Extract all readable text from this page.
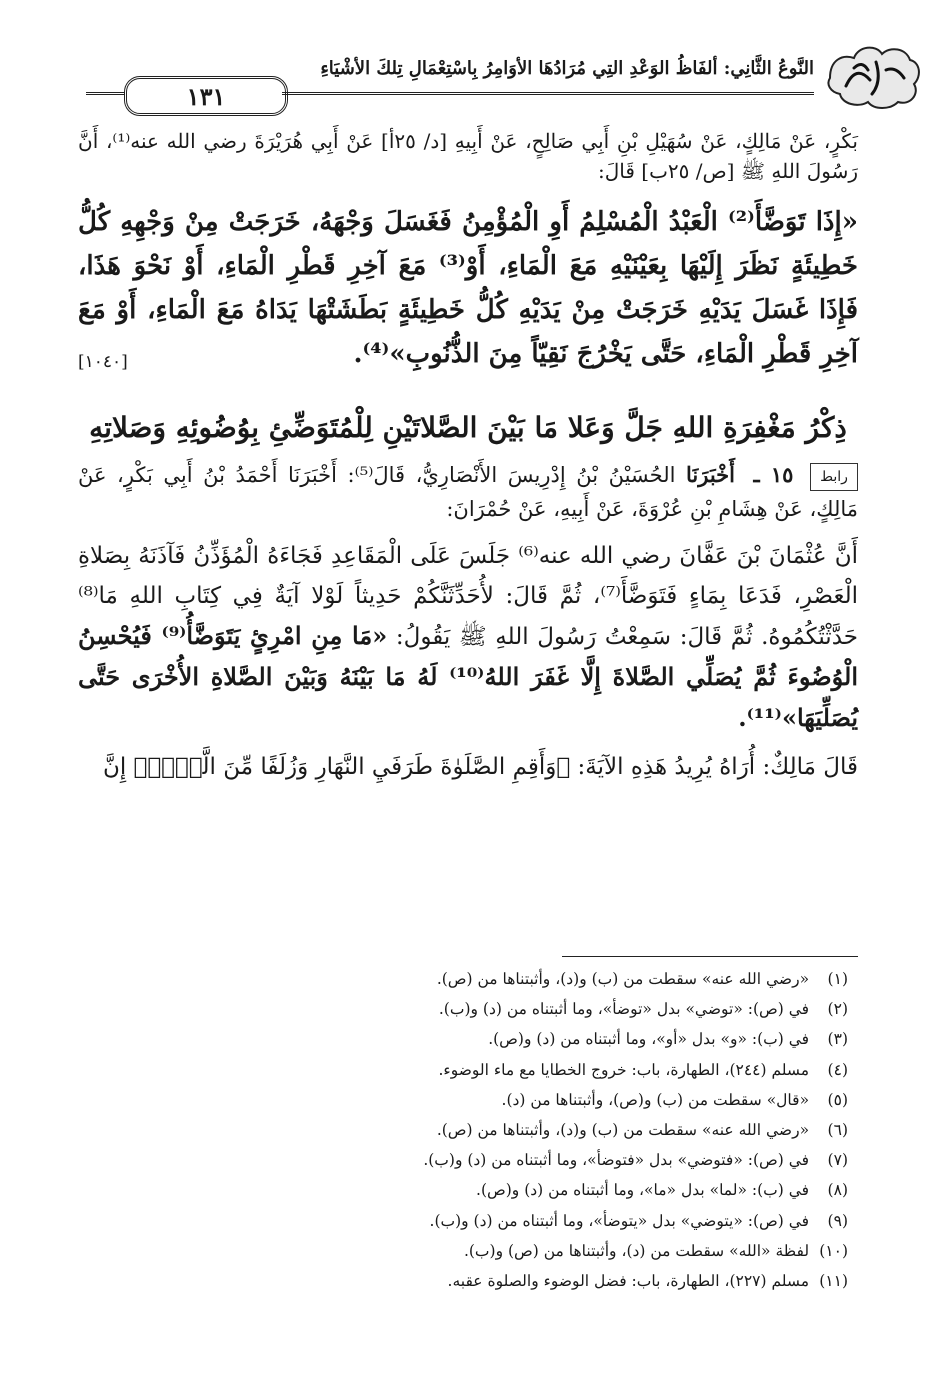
١٣١
النَّوعُ الثَّانِي: ألفَاظُ الوَعْدِ التِي مُرَادُهَا الأوَامِرُ بِاسْتِعْمَالِ تِلكَ الأشْيَاءِ

بَكْرٍ، عَنْ مَالِكٍ، عَنْ سُهَيْلِ بْنِ أَبِي صَالِحٍ، عَنْ أَبِيهِ [د/ ٢٥أ] عَنْ أَبِي هُرَيْرَةَ رضي الله عنه⁽¹⁾، أَنَّ رَسُولَ اللهِ ﷺ [ص/ ٢٥ب] قَالَ:

«إِذَا تَوَضَّأَ⁽²⁾ الْعَبْدُ الْمُسْلِمُ أَوِ الْمُؤْمِنُ فَغَسَلَ وَجْهَهُ، خَرَجَتْ مِنْ وَجْهِهِ كُلُّ خَطِيئَةٍ نَظَرَ إِلَيْهَا بِعَيْنَيْهِ مَعَ الْمَاءِ، أَوْ⁽³⁾ مَعَ آخِرِ قَطْرِ الْمَاءِ، أَوْ نَحْوَ هَذَا، فَإِذَا غَسَلَ يَدَيْهِ خَرَجَتْ مِنْ يَدَيْهِ كُلُّ خَطِيئَةٍ بَطَشَتْهَا يَدَاهُ مَعَ الْمَاءِ، أَوْ مَعَ آخِرِ قَطْرِ الْمَاءِ، حَتَّى يَخْرُجَ نَقِيّاً مِنَ الذُّنُوبِ»⁽⁴⁾.
[١٠٤٠]

ذِكْرُ مَغْفِرَةِ اللهِ جَلَّ وَعَلا مَا بَيْنَ الصَّلاتَيْنِ لِلْمُتَوَضِّئِ بِوُضُوئِهِ وَصَلاتِهِ

رابط ١٥ ـ أَخْبَرَنَا الحُسَيْنُ بْنُ إِدْرِيسَ الأَنْصَارِيُّ، قَالَ⁽⁵⁾: أَخْبَرَنَا أَحْمَدُ بْنُ أَبِي بَكْرٍ، عَنْ مَالِكٍ، عَنْ هِشَامِ بْنِ عُرْوَةَ، عَنْ أَبِيهِ، عَنْ حُمْرَانَ:

أَنَّ عُثْمَانَ بْنَ عَفَّانَ رضي الله عنه⁽⁶⁾ جَلَسَ عَلَى الْمَقَاعِدِ فَجَاءَهُ الْمُؤَذِّنُ فَآذَنَهُ بِصَلاةِ الْعَصْرِ، فَدَعَا بِمَاءٍ فَتَوَضَّأَ⁽⁷⁾، ثُمَّ قَالَ: لأُحَدِّثَنَّكُمْ حَدِيثاً لَوْلا آيَةٌ فِي كِتَابِ اللهِ مَا⁽⁸⁾ حَدَّثْتُكُمُوهُ. ثُمَّ قَالَ: سَمِعْتُ رَسُولَ اللهِ ﷺ يَقُولُ: «مَا مِنِ امْرِئٍ يَتَوَضَّأُ⁽⁹⁾ فَيُحْسِنُ الْوُضُوءَ ثُمَّ يُصَلِّي الصَّلاةَ إِلَّا غَفَرَ اللهُ⁽¹⁰⁾ لَهُ مَا بَيْنَهُ وَبَيْنَ الصَّلاةِ الأُخْرَى حَتَّى يُصَلِّيَهَا»⁽¹¹⁾.

قَالَ مَالِكٌ: أُرَاهُ يُرِيدُ هَذِهِ الآيَةَ: ﴿وَأَقِمِ الصَّلَوٰةَ طَرَفَيِ النَّهَارِ وَزُلَفًا مِّنَ الَّيۡلِۚ إِنَّ

(١) «رضي الله عنه» سقطت من (ب) و(د)، وأثبتناها من (ص).
(٢) في (ص): «توضي» بدل «توضأ»، وما أثبتناه من (د) و(ب).
(٣) في (ب): «و» بدل «أو»، وما أثبتناه من (د) و(ص).
(٤) مسلم (٢٤٤)، الطهارة، باب: خروج الخطايا مع ماء الوضوء.
(٥) «قال» سقطت من (ب) و(ص)، وأثبتناها من (د).
(٦) «رضي الله عنه» سقطت من (ب) و(د)، وأثبتناها من (ص).
(٧) في (ص): «فتوضي» بدل «فتوضأ»، وما أثبتناه من (د) و(ب).
(٨) في (ب): «لما» بدل «ما»، وما أثبتناه من (د) و(ص).
(٩) في (ص): «يتوضي» بدل «يتوضأ»، وما أثبتناه من (د) و(ب).
(١٠) لفظة «الله» سقطت من (د)، وأثبتناها من (ص) و(ب).
(١١) مسلم (٢٢٧)، الطهارة، باب: فضل الوضوء والصلوة عقبه.
